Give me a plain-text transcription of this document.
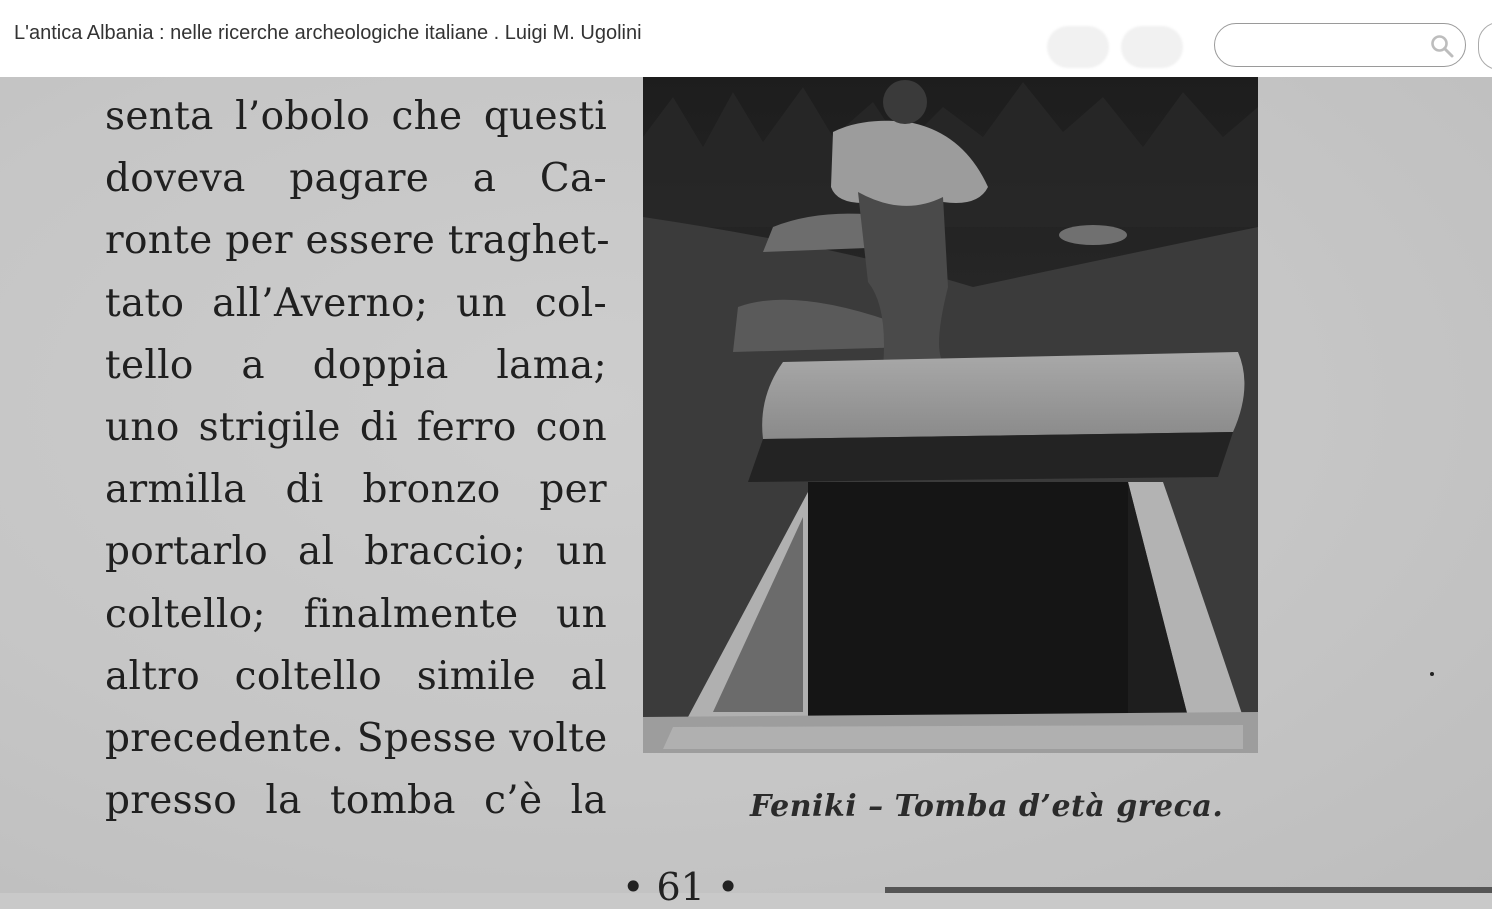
L'antica Albania : nelle ricerche archeologiche italiane . Luigi M. Ugolini
senta l’obolo che questi
doveva pagare a Ca-
ronte per essere traghet-
tato all’Averno; un col-
tello a doppia lama;
uno strigile di ferro con
armilla di bronzo per
portarlo al braccio; un
coltello; finalmente un
altro coltello simile al
precedente. Spesse volte
presso la tomba c’è la	Feniki – Tomba d’età greca.
• 61 •
